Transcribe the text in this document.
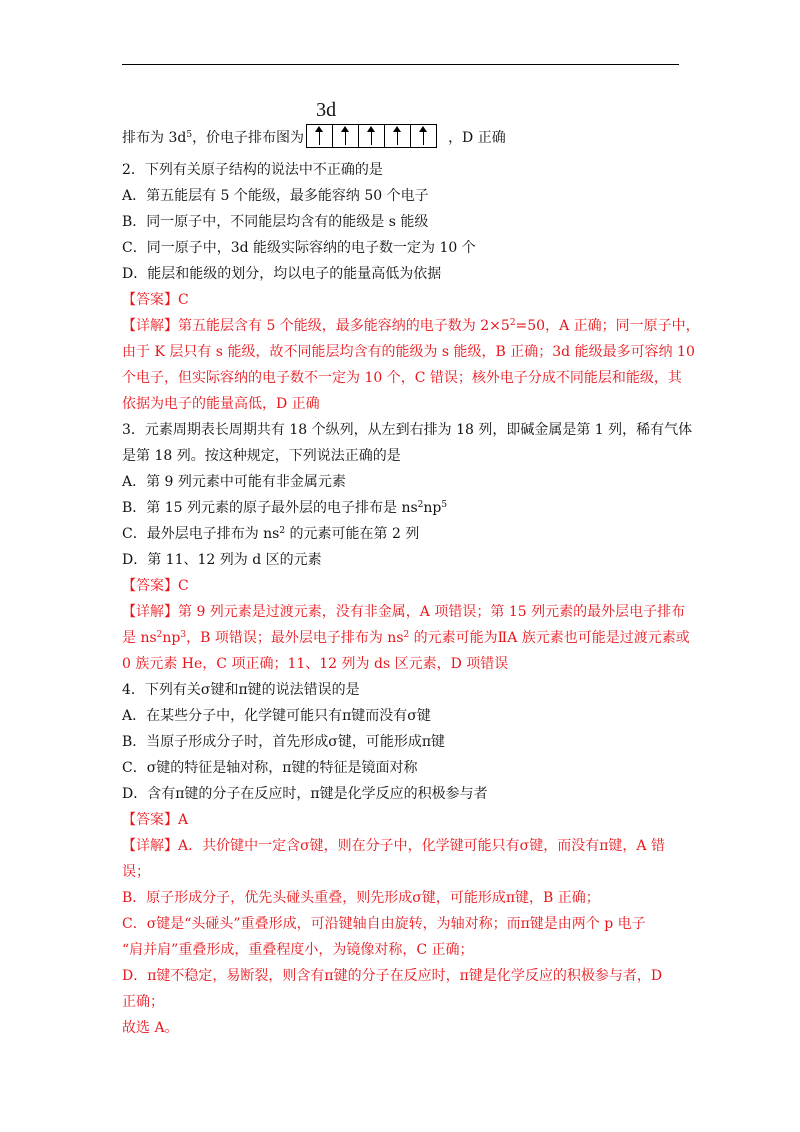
排布为 $3d^5$，价电子排布图为
3d
，D 正确
2．下列有关原子结构的说法中不正确的是
A．第五能层有 5 个能级，最多能容纳 50 个电子
B．同一原子中，不同能层均含有的能级是 s 能级
C．同一原子中，3d 能级实际容纳的电子数一定为 10 个
D．能层和能级的划分，均以电子的能量高低为依据
【答案】C
【详解】第五能层含有 5 个能级，最多能容纳的电子数为 $2\times 5^2=50$，A 正确；同一原子中，
由于 K 层只有 s 能级，故不同能层均含有的能级为 s 能级，B 正确；3d 能级最多可容纳 10
个电子，但实际容纳的电子数不一定为 10 个，C 错误；核外电子分成不同能层和能级，其
依据为电子的能量高低，D 正确
3．元素周期表长周期共有 18 个纵列，从左到右排为 18 列，即碱金属是第 1 列，稀有气体
是第 18 列。按这种规定，下列说法正确的是
A．第 9 列元素中可能有非金属元素
B．第 15 列元素的原子最外层的电子排布是 $ns^2np^5$
C．最外层电子排布为 $ns^2$ 的元素可能在第 2 列
D．第 11、12 列为 d 区的元素
【答案】C
【详解】第 9 列元素是过渡元素，没有非金属，A 项错误；第 15 列元素的最外层电子排布
是 $ns^2np^3$，B 项错误；最外层电子排布为 $ns^2$ 的元素可能为ⅡA 族元素也可能是过渡元素或
0 族元素 He，C 项正确；11、12 列为 ds 区元素，D 项错误
4．下列有关σ键和π键的说法错误的是
A．在某些分子中，化学键可能只有π键而没有σ键
B．当原子形成分子时，首先形成σ键，可能形成π键
C．σ键的特征是轴对称，π键的特征是镜面对称
D．含有π键的分子在反应时，π键是化学反应的积极参与者
【答案】A
【详解】A．共价键中一定含σ键，则在分子中，化学键可能只有σ键，而没有π键，A 错
误；
B．原子形成分子，优先头碰头重叠，则先形成σ键，可能形成π键，B 正确；
C．σ键是“头碰头”重叠形成，可沿键轴自由旋转，为轴对称；而π键是由两个 p 电子
“肩并肩”重叠形成，重叠程度小，为镜像对称，C 正确；
D．π键不稳定，易断裂，则含有π键的分子在反应时，π键是化学反应的积极参与者，D
正确；
故选 A。
